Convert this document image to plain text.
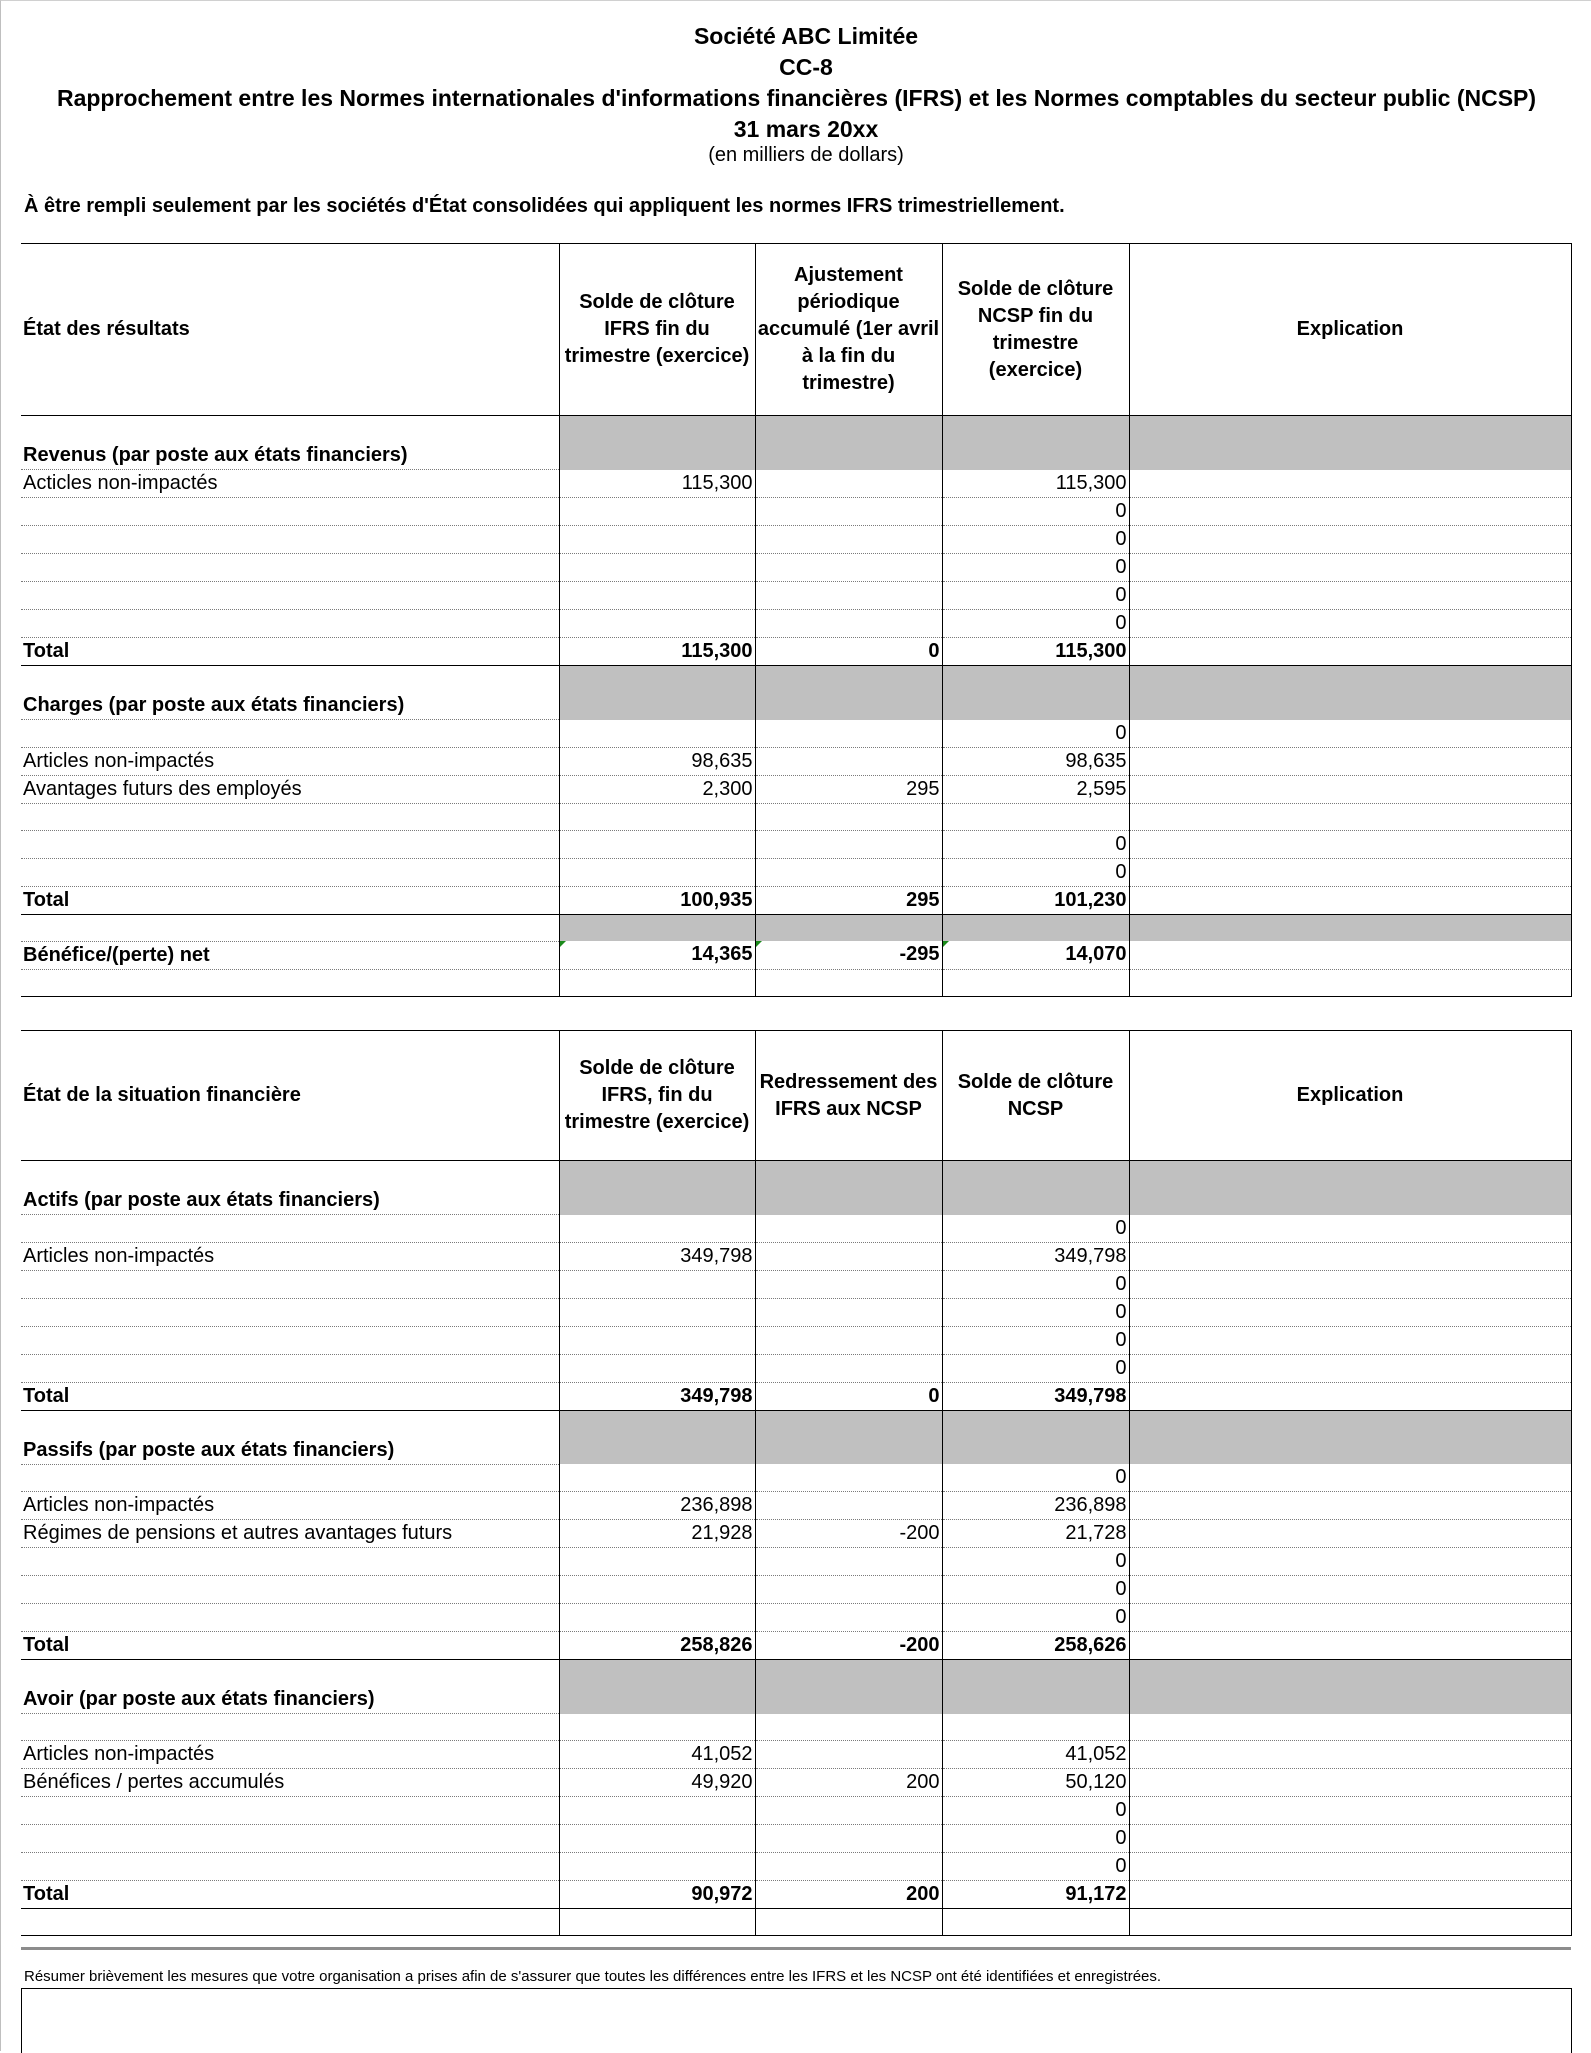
Société ABC Limitée
CC-8
Rapprochement entre les Normes internationales d'informations financières (IFRS) et les Normes comptables du secteur public (NCSP)
31 mars 20xx
(en milliers de dollars)
À être rempli seulement par les sociétés d'État consolidées qui appliquent les normes IFRS trimestriellement.
État des résultats	Solde de clôture IFRS fin du trimestre (exercice)	Ajustement périodique accumulé (1er avril à la fin du trimestre)	Solde de clôture NCSP fin du trimestre (exercice)	Explication
Revenus (par poste aux états financiers)				
Acticles non-impactés	115,300		115,300	
			0	
			0	
			0	
			0	
			0	
Total	115,300	0	115,300	
Charges (par poste aux états financiers)				
			0	
Articles non-impactés	98,635		98,635	
Avantages futurs des employés	2,300	295	2,595	

			0	
			0	
Total	100,935	295	101,230	

Bénéfice/(perte) net	14,365	-295	14,070	

État de la situation financière	Solde de clôture IFRS, fin du trimestre (exercice)	Redressement des IFRS aux NCSP	Solde de clôture NCSP	Explication
Actifs (par poste aux états financiers)				
			0	
Articles non-impactés	349,798		349,798	
			0	
			0	
			0	
			0	
Total	349,798	0	349,798	
Passifs (par poste aux états financiers)				
			0	
Articles non-impactés	236,898		236,898	
Régimes de pensions et autres avantages futurs	21,928	-200	21,728	
			0	
			0	
			0	
Total	258,826	-200	258,626	
Avoir (par poste aux états financiers)				

Articles non-impactés	41,052		41,052	
Bénéfices / pertes accumulés	49,920	200	50,120	
			0	
			0	
			0	
Total	90,972	200	91,172	

Résumer brièvement les mesures que votre organisation a prises afin de s'assurer que toutes les différences entre les IFRS et les NCSP ont été identifiées et enregistrées.
